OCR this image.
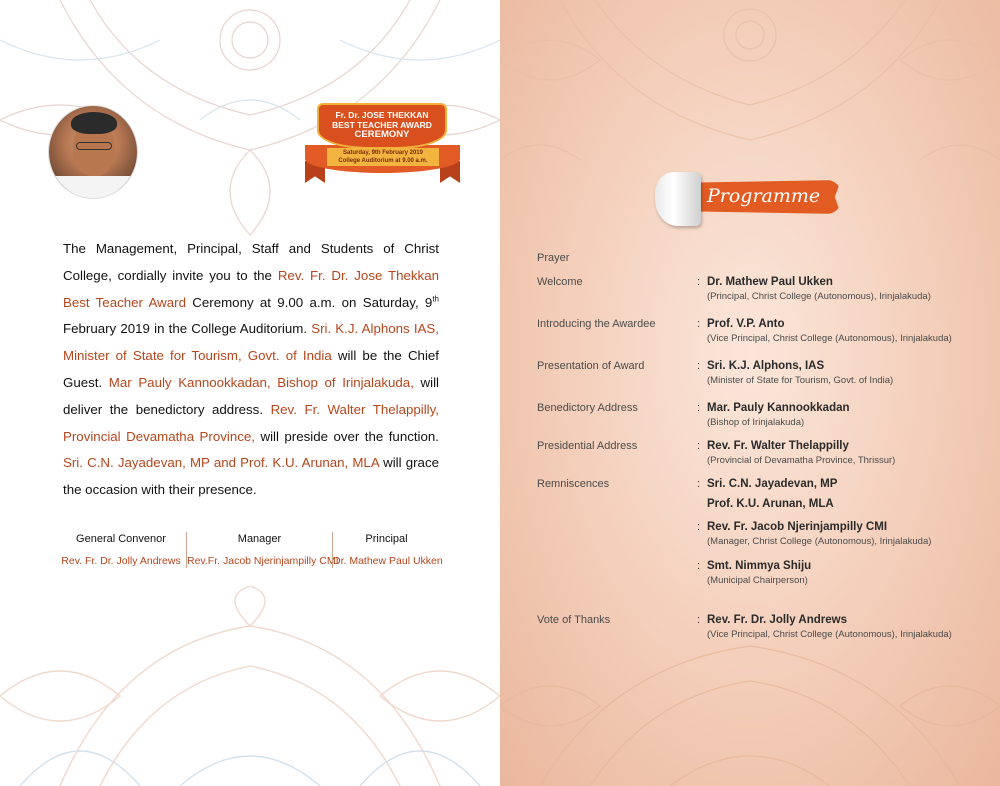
Fr. Dr. JOSE THEKKAN
BEST TEACHER AWARD
CEREMONY
Saturday, 9th February 2019
College Auditorium at 9.00 a.m.
The Management, Principal, Staff and Students of Christ College, cordially invite you to the Rev. Fr. Dr. Jose Thekkan Best Teacher Award Ceremony at 9.00 a.m. on Saturday, 9th February 2019 in the College Auditorium. Sri. K.J. Alphons IAS, Minister of State for Tourism, Govt. of India will be the Chief Guest. Mar Pauly Kannookkadan, Bishop of Irinjalakuda, will deliver the benedictory address. Rev. Fr. Walter Thelappilly, Provincial Devamatha Province, will preside over the function. Sri. C.N. Jayadevan, MP and Prof. K.U. Arunan, MLA will grace the occasion with their presence.
General Convenor
Rev. Fr. Dr. Jolly Andrews
Manager
Rev.Fr. Jacob Njerinjampilly CMI
Principal
Dr. Mathew Paul Ukken
Programme
Prayer
Welcome	: Dr. Mathew Paul Ukken
(Principal, Christ College (Autonomous), Irinjalakuda)
Introducing the Awardee	: Prof. V.P. Anto
(Vice Principal, Christ College (Autonomous), Irinjalakuda)
Presentation of Award	: Sri. K.J. Alphons, IAS
(Minister of State for Tourism, Govt. of India)
Benedictory Address	: Mar. Pauly Kannookkadan
(Bishop of Irinjalakuda)
Presidential Address	: Rev. Fr. Walter Thelappilly
(Provincial of Devamatha Province, Thrissur)
Remniscences	: Sri. C.N. Jayadevan, MP
Prof. K.U. Arunan, MLA
: Rev. Fr. Jacob Njerinjampilly CMI
(Manager, Christ College (Autonomous), Irinjalakuda)
: Smt. Nimmya Shiju
(Municipal Chairperson)
Vote of Thanks	: Rev. Fr. Dr. Jolly Andrews
(Vice Principal, Christ College (Autonomous), Irinjalakuda)
